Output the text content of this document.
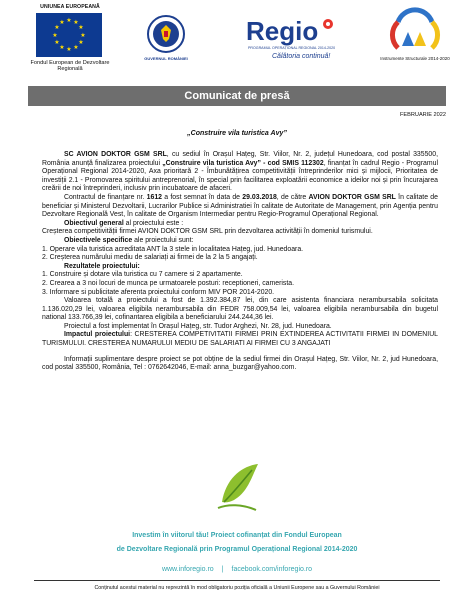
UNIUNEA EUROPEANĂ
★ ★
★
★
★
★
★
★
★
★
★
★
Fondul European de Dezvoltare Regională
GUVERNUL ROMÂNIEI
Regio
PROGRAMUL OPERAȚIONAL REGIONAL 2014-2020
Călătoria continuă!	Instrumente Structurale 2014-2020
Comunicat de presă
FEBRUARIE 2022
„Construire vila turistica Avy”

SC AVION DOKTOR GSM SRL, cu sediul în Orașul Hațeg, Str. Viilor, Nr. 2, județul Hunedoara, cod postal 335500, România anunță finalizarea proiectului „Construire vila turistica Avy” - cod SMIS 112302, finanțat în cadrul Regio - Programul Operațional Regional 2014-2020, Axa prioritară 2 - Îmbunătățirea competitivității întreprinderilor mici și mijlocii, Prioritatea de investiții 2.1 - Promovarea spiritului antreprenorial, în special prin facilitarea exploatării economice a ideilor noi și prin încurajarea creării de noi întreprinderi, inclusiv prin incubatoare de afaceri.

Contractul de finanțare nr. 1612 a fost semnat în data de 29.03.2018, de către AVION DOKTOR GSM SRL în calitate de beneficiar și Ministerul Dezvoltarii, Lucrarilor Publice si Administratiei în calitate de Autoritate de Management, prin Agenția pentru Dezvoltare Regională Vest, în calitate de Organism Intermediar pentru Regio-Programul Operațional Regional.

Obiectivul general al proiectului este :

Creșterea competitivității firmei AVION DOKTOR GSM SRL prin dezvoltarea activității în domeniul turismului.

Obiectivele specifice ale proiectului sunt:

1. Operare vila turistica acreditata ANT la 3 stele in localitatea Hațeg, jud. Hunedoara.
2. Creșterea numărului mediu de salariați ai firmei de la 2 la 5 angajați.

Rezultatele proiectului:

1. Construire și dotare vila turistica cu 7 camere si 2 apartamente.
2. Crearea a 3 noi locuri de munca pe urmatoarele posturi: receptioneri, camerista.
3. Informare si publicitate aferenta proiectului conform MIV POR 2014-2020.

Valoarea totală a proiectului a fost de 1.392.384,87 lei, din care asistenta financiara nerambursabila solicitata 1.136.020,29 lei, valoarea eligibila nerambursabila din FEDR 758.009,54 lei, valoarea eligibila nerambursabila din bugetul national 133.766,39 lei, cofinantarea eligibila a beneficiarului 244.244,36 lei.

Proiectul a fost implementat în Orașul Hațeg, str. Tudor Arghezi, Nr. 28, jud. Hunedoara.

Impactul proiectului: CRESTEREA COMPETIVITATII FIRMEI PRIN EXTINDEREA ACTIVITATII FIRMEI IN DOMENIUL TURISMULUI. CRESTEREA NUMARULUI MEDIU DE SALARIATI AI FIRMEI CU 3 ANGAJATI

Informații suplimentare despre proiect se pot obține de la sediul firmei din Orașul Hațeg, Str. Viilor, Nr. 2, jud Hunedoara, cod postal 335500, România, Tel : 0762642046, E-mail: anna_buzgar@yahoo.com.

Investim în viitorul tău! Proiect cofinanțat din Fondul European
de Dezvoltare Regională prin Programul Operațional Regional 2014-2020
www.inforegio.ro | facebook.com/inforegio.ro
Conținutul acestui material nu reprezintă în mod obligatoriu poziția oficială a Uniunii Europene sau a Guvernului României
